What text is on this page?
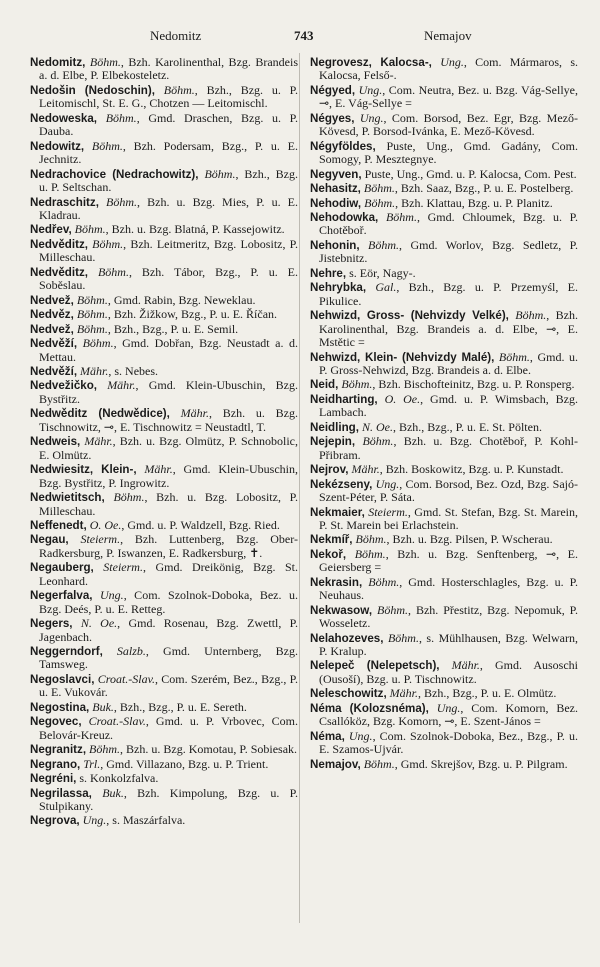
Nedomitz	743	Nemajov

Nedomitz, Böhm., Bzh. Karolinenthal, Bzg. Brandeis a. d. Elbe, P. Elbekosteletz.

Nedošin (Nedoschin), Böhm., Bzh., Bzg. u. P. Leitomischl, St. E. G., Chotzen — Leitomischl.

Nedoweska, Böhm., Gmd. Draschen, Bzg. u. P. Dauba.

Nedowitz, Böhm., Bzh. Podersam, Bzg., P. u. E. Jechnitz.

Nedrachovice (Nedrachowitz), Böhm., Bzh., Bzg. u. P. Seltschan.

Nedraschitz, Böhm., Bzh. u. Bzg. Mies, P. u. E. Kladrau.

Nedřev, Böhm., Bzh. u. Bzg. Blatná, P. Kassejowitz.

Nedvěditz, Böhm., Bzh. Leitmeritz, Bzg. Lobositz, P. Milleschau.

Nedvěditz, Böhm., Bzh. Tábor, Bzg., P. u. E. Soběslau.

Nedvež, Böhm., Gmd. Rabin, Bzg. Neweklau.

Nedvěz, Böhm., Bzh. Žižkow, Bzg., P. u. E. Říčan.

Nedvež, Böhm., Bzh., Bzg., P. u. E. Semil.

Nedvěží, Böhm., Gmd. Dobřan, Bzg. Neustadt a. d. Mettau.

Nedvěží, Mähr., s. Nebes.

Nedvežičko, Mähr., Gmd. Klein-Ubuschin, Bzg. Bystřitz.

Nedwěditz (Nedwědice), Mähr., Bzh. u. Bzg. Tischnowitz, ⊸, E. Tischnowitz = Neustadtl, T.

Nedweis, Mähr., Bzh. u. Bzg. Olmütz, P. Schnobolic, E. Olmütz.

Nedwiesitz, Klein-, Mähr., Gmd. Klein-Ubuschin, Bzg. Bystřitz, P. Ingrowitz.

Nedwietitsch, Böhm., Bzh. u. Bzg. Lobositz, P. Milleschau.

Neffenedt, O. Oe., Gmd. u. P. Waldzell, Bzg. Ried.

Negau, Steierm., Bzh. Luttenberg, Bzg. Ober-Radkersburg, P. Iswanzen, E. Radkersburg, ✝.

Negauberg, Steierm., Gmd. Dreikönig, Bzg. St. Leonhard.

Negerfalva, Ung., Com. Szolnok-Doboka, Bez. u. Bzg. Deés, P. u. E. Retteg.

Negers, N. Oe., Gmd. Rosenau, Bzg. Zwettl, P. Jagenbach.

Neggerndorf, Salzb., Gmd. Unternberg, Bzg. Tamsweg.

Negoslavci, Croat.-Slav., Com. Szerém, Bez., Bzg., P. u. E. Vukovár.

Negostina, Buk., Bzh., Bzg., P. u. E. Sereth.

Negovec, Croat.-Slav., Gmd. u. P. Vrbovec, Com. Belovár-Kreuz.

Negranitz, Böhm., Bzh. u. Bzg. Komotau, P. Sobiesak.

Negrano, Trl., Gmd. Villazano, Bzg. u. P. Trient.

Negréni, s. Konkolzfalva.

Negrilassa, Buk., Bzh. Kimpolung, Bzg. u. P. Stulpikany.

Negrova, Ung., s. Maszárfalva.

Negrovesz, Kalocsa-, Ung., Com. Mármaros, s. Kalocsa, Felső-.

Négyed, Ung., Com. Neutra, Bez. u. Bzg. Vág-Sellye, ⊸, E. Vág-Sellye =

Négyes, Ung., Com. Borsod, Bez. Egr, Bzg. Mező-Kövesd, P. Borsod-Ivánka, E. Mező-Kövesd.

Négyföldes, Puste, Ung., Gmd. Gadány, Com. Somogy, P. Mesztegnye.

Negyven, Puste, Ung., Gmd. u. P. Kalocsa, Com. Pest.

Nehasitz, Böhm., Bzh. Saaz, Bzg., P. u. E. Postelberg.

Nehodiw, Böhm., Bzh. Klattau, Bzg. u. P. Planitz.

Nehodowka, Böhm., Gmd. Chloumek, Bzg. u. P. Chotěboř.

Nehonin, Böhm., Gmd. Worlov, Bzg. Sedletz, P. Jistebnitz.

Nehre, s. Eör, Nagy-.

Nehrybka, Gal., Bzh., Bzg. u. P. Przemyśl, E. Pikulice.

Nehwizd, Gross- (Nehvizdy Velké), Böhm., Bzh. Karolinenthal, Bzg. Brandeis a. d. Elbe, ⊸, E. Mstětic =

Nehwizd, Klein- (Nehvizdy Malé), Böhm., Gmd. u. P. Gross-Nehwizd, Bzg. Brandeis a. d. Elbe.

Neid, Böhm., Bzh. Bischofteinitz, Bzg. u. P. Ronsperg.

Neidharting, O. Oe., Gmd. u. P. Wimsbach, Bzg. Lambach.

Neidling, N. Oe., Bzh., Bzg., P. u. E. St. Pölten.

Nejepin, Böhm., Bzh. u. Bzg. Chotěboř, P. Kohl-Přibram.

Nejrov, Mähr., Bzh. Boskowitz, Bzg. u. P. Kunstadt.

Nekézseny, Ung., Com. Borsod, Bez. Ozd, Bzg. Sajó-Szent-Péter, P. Sáta.

Nekmaier, Steierm., Gmd. St. Stefan, Bzg. St. Marein, P. St. Marein bei Erlachstein.

Nekmíř, Böhm., Bzh. u. Bzg. Pilsen, P. Wscherau.

Nekoř, Böhm., Bzh. u. Bzg. Senftenberg, ⊸, E. Geiersberg =

Nekrasin, Böhm., Gmd. Hosterschlagles, Bzg. u. P. Neuhaus.

Nekwasow, Böhm., Bzh. Přestitz, Bzg. Nepomuk, P. Wosseletz.

Nelahozeves, Böhm., s. Mühlhausen, Bzg. Welwarn, P. Kralup.

Nelepeč (Nelepetsch), Mähr., Gmd. Ausoschi (Ousoší), Bzg. u. P. Tischnowitz.

Neleschowitz, Mähr., Bzh., Bzg., P. u. E. Olmütz.

Néma (Kolozsnéma), Ung., Com. Komorn, Bez. Csallóköz, Bzg. Komorn, ⊸, E. Szent-János =

Néma, Ung., Com. Szolnok-Doboka, Bez., Bzg., P. u. E. Szamos-Ujvár.

Nemajov, Böhm., Gmd. Skrejšov, Bzg. u. P. Pilgram.
